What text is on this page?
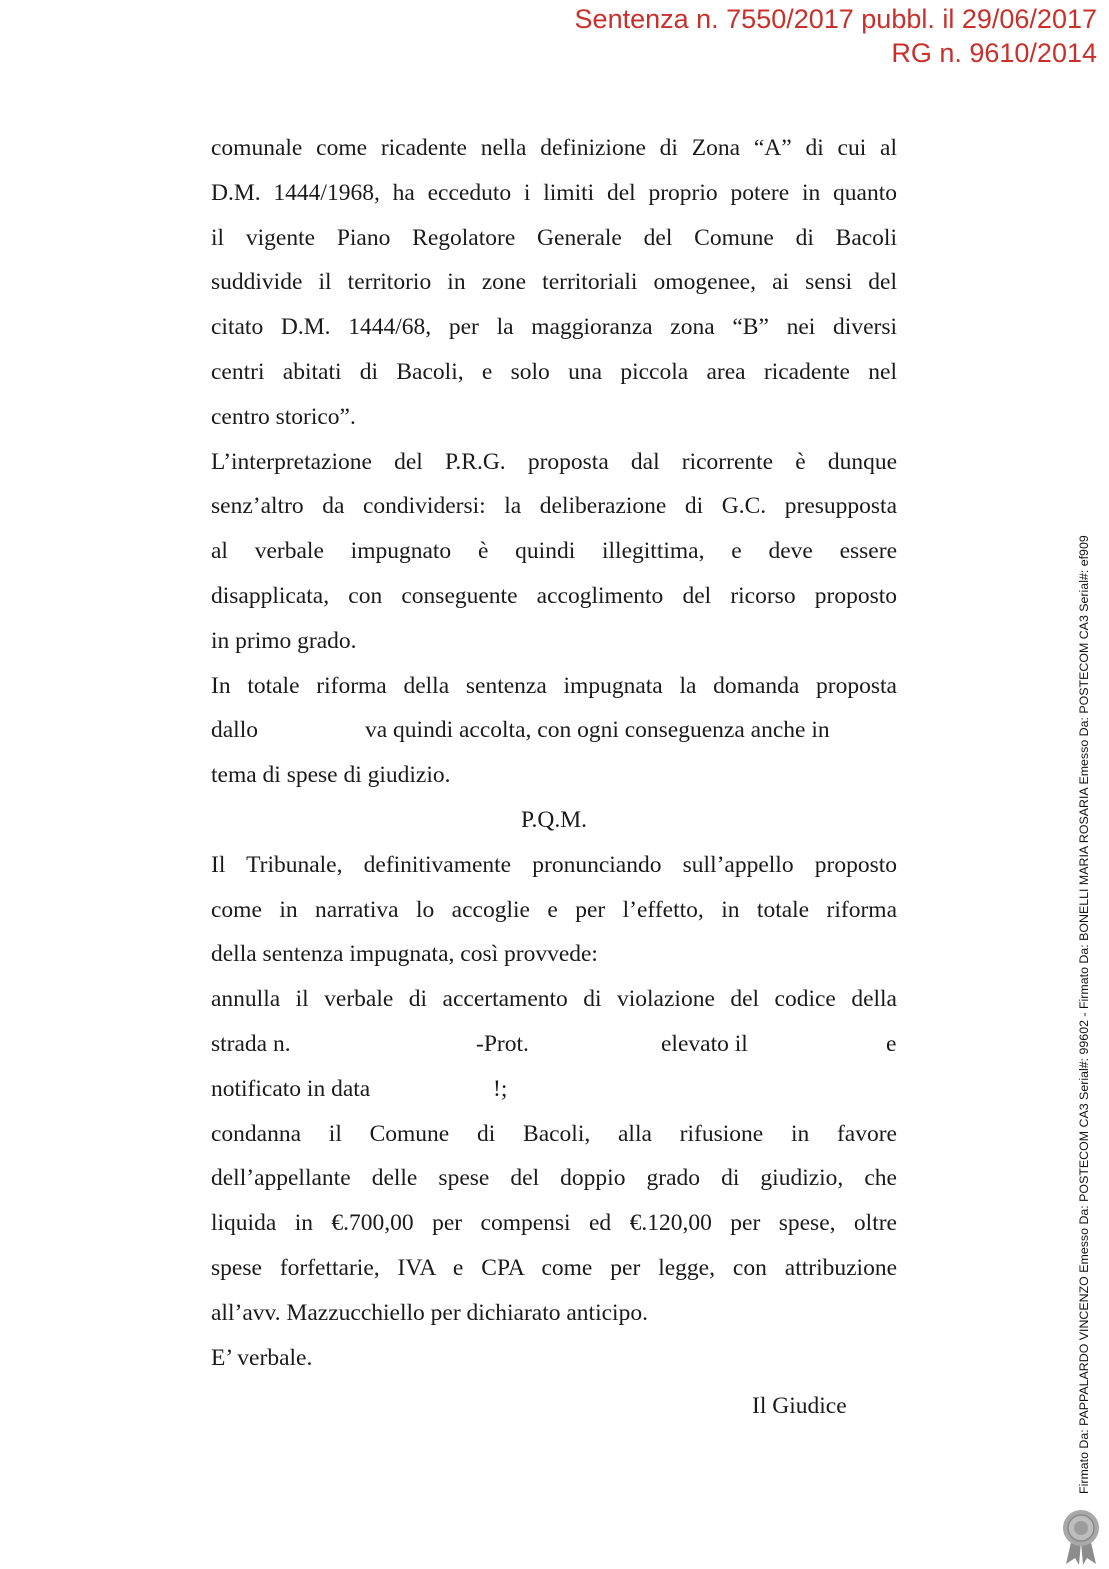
Sentenza n. 7550/2017 pubbl. il 29/06/2017
RG n. 9610/2014
comunale come ricadente nella definizione di Zona “A” di cui al
D.M. 1444/1968, ha ecceduto i limiti del proprio potere in quanto
il vigente Piano Regolatore Generale del Comune di Bacoli
suddivide il territorio in zone territoriali omogenee, ai sensi del
citato D.M. 1444/68, per la maggioranza zona “B” nei diversi
centri abitati di Bacoli, e solo una piccola area ricadente nel
centro storico”.
L’interpretazione del P.R.G. proposta dal ricorrente è dunque
senz’altro da condividersi: la deliberazione di G.C. presupposta
al verbale impugnato è quindi illegittima, e deve essere
disapplicata, con conseguente accoglimento del ricorso proposto
in primo grado.
In totale riforma della sentenza impugnata la domanda proposta
dallo	va quindi accolta, con ogni conseguenza anche in
tema di spese di giudizio.
P.Q.M.
Il Tribunale, definitivamente pronunciando sull’appello proposto
come in narrativa lo accoglie e per l’effetto, in totale riforma
della sentenza impugnata, così provvede:
annulla il verbale di accertamento di violazione del codice della
strada n.	-Prot.	elevato il	e
notificato in data	!;
condanna il Comune di Bacoli, alla rifusione in favore
dell’appellante delle spese del doppio grado di giudizio, che
liquida in €.700,00 per compensi ed €.120,00 per spese, oltre
spese forfettarie, IVA e CPA come per legge, con attribuzione
all’avv. Mazzucchiello per dichiarato anticipo.
E’ verbale.
Il Giudice	Firmato Da: PAPPALARDO VINCENZO Emesso Da: POSTECOM CA3 Serial#: 99602 - Firmato Da: BONELLI MARIA ROSARIA Emesso Da: POSTECOM CA3 Serial#: ef909
